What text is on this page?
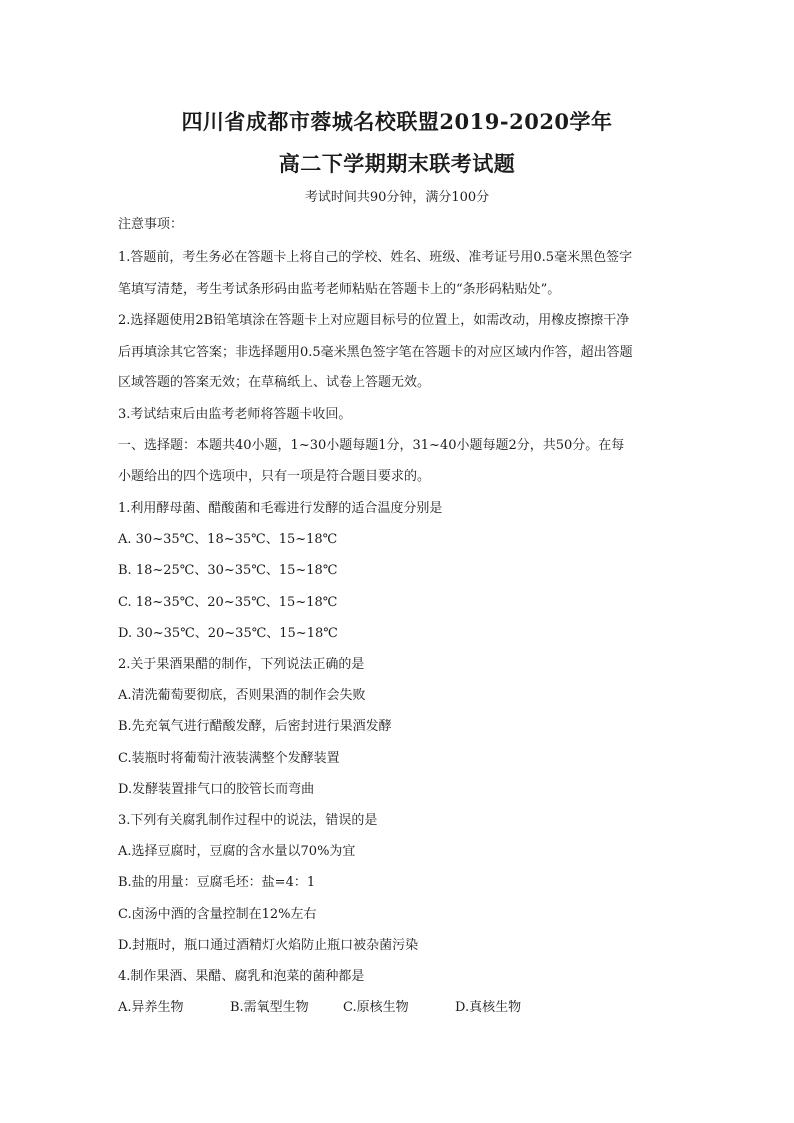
四川省成都市蓉城名校联盟2019-2020学年
高二下学期期末联考试题
考试时间共90分钟，满分100分
注意事项：
1.答题前，考生务必在答题卡上将自己的学校、姓名、班级、准考证号用0.5毫米黑色签字
笔填写清楚，考生考试条形码由监考老师粘贴在答题卡上的“条形码粘贴处”。
2.选择题使用2B铅笔填涂在答题卡上对应题目标号的位置上，如需改动，用橡皮擦擦干净
后再填涂其它答案；非选择题用0.5毫米黑色签字笔在答题卡的对应区域内作答，超出答题
区域答题的答案无效；在草稿纸上、试卷上答题无效。
3.考试结束后由监考老师将答题卡收回。
一、选择题：本题共40小题，1~30小题每题1分，31~40小题每题2分，共50分。在每
小题给出的四个选项中，只有一项是符合题目要求的。
1.利用酵母菌、醋酸菌和毛霉进行发酵的适合温度分别是
A. 30~35℃、18~35℃、15~18℃
B. 18~25℃、30~35℃、15~18℃
C. 18~35℃、20~35℃、15~18℃
D. 30~35℃、20~35℃、15~18℃
2.关于果酒果醋的制作，下列说法正确的是
A.清洗葡萄要彻底，否则果酒的制作会失败
B.先充氧气进行醋酸发酵，后密封进行果酒发酵
C.装瓶时将葡萄汁液装满整个发酵装置
D.发酵装置排气口的胶管长而弯曲
3.下列有关腐乳制作过程中的说法，错误的是
A.选择豆腐时，豆腐的含水量以70%为宜
B.盐的用量：豆腐毛坯：盐=4：1
C.卤汤中酒的含量控制在12%左右
D.封瓶时，瓶口通过酒精灯火焰防止瓶口被杂菌污染
4.制作果酒、果醋、腐乳和泡菜的菌种都是
A.异养生物	B.需氧型生物	C.原核生物	D.真核生物
